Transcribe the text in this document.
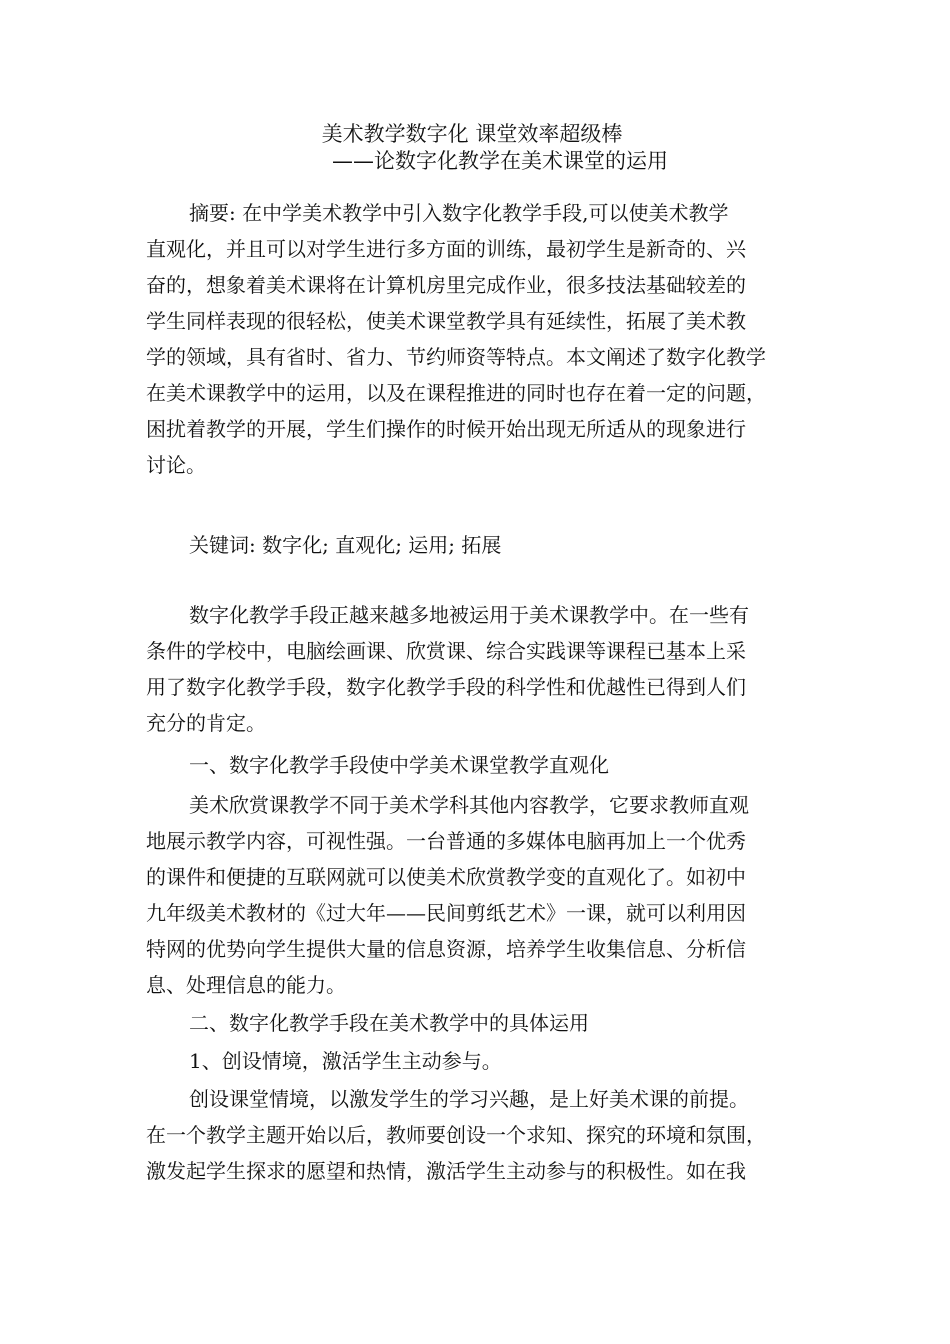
美术教学数字化 课堂效率超级棒
——论数字化教学在美术课堂的运用
摘要: 在中学美术教学中引入数字化教学手段,可以使美术教学
直观化，并且可以对学生进行多方面的训练，最初学生是新奇的、兴
奋的，想象着美术课将在计算机房里完成作业，很多技法基础较差的
学生同样表现的很轻松，使美术课堂教学具有延续性，拓展了美术教
学的领域，具有省时、省力、节约师资等特点。本文阐述了数字化教学
在美术课教学中的运用，以及在课程推进的同时也存在着一定的问题，
困扰着教学的开展，学生们操作的时候开始出现无所适从的现象进行
讨论。
关键词: 数字化; 直观化; 运用; 拓展
数字化教学手段正越来越多地被运用于美术课教学中。在一些有
条件的学校中，电脑绘画课、欣赏课、综合实践课等课程已基本上采
用了数字化教学手段，数字化教学手段的科学性和优越性已得到人们
充分的肯定。
一、数字化教学手段使中学美术课堂教学直观化
美术欣赏课教学不同于美术学科其他内容教学，它要求教师直观
地展示教学内容，可视性强。一台普通的多媒体电脑再加上一个优秀
的课件和便捷的互联网就可以使美术欣赏教学变的直观化了。如初中
九年级美术教材的《过大年——民间剪纸艺术》一课，就可以利用因
特网的优势向学生提供大量的信息资源，培养学生收集信息、分析信
息、处理信息的能力。
二、数字化教学手段在美术教学中的具体运用
1、创设情境，激活学生主动参与。
创设课堂情境，以激发学生的学习兴趣，是上好美术课的前提。
在一个教学主题开始以后，教师要创设一个求知、探究的环境和氛围，
激发起学生探求的愿望和热情，激活学生主动参与的积极性。如在我
